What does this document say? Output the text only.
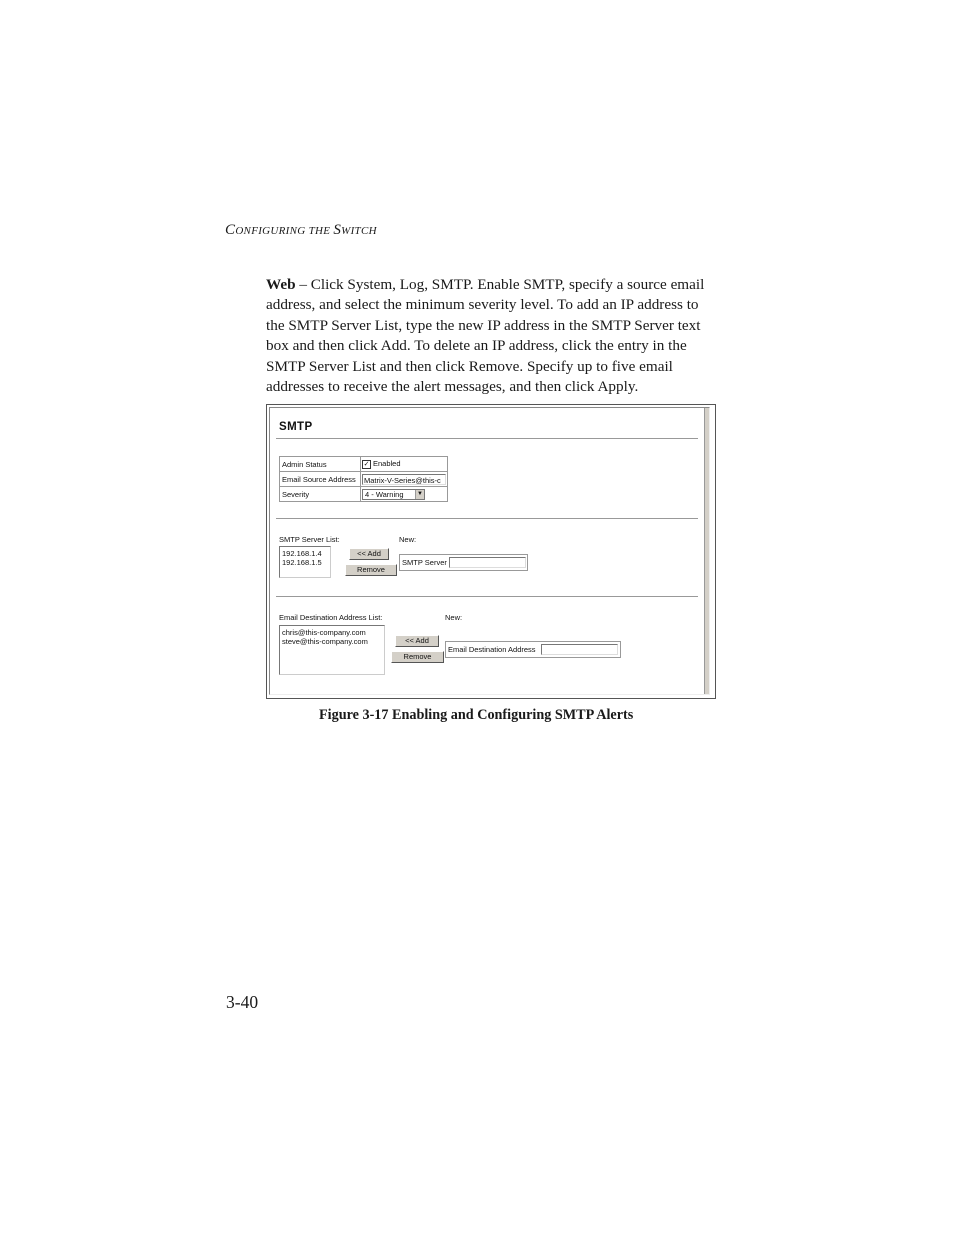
CONFIGURING THE SWITCH

Web – Click System, Log, SMTP. Enable SMTP, specify a source email address, and select the minimum severity level. To add an IP address to the SMTP Server List, type the new IP address in the SMTP Server text box and then click Add. To delete an IP address, click the entry in the SMTP Server List and then click Remove. Specify up to five email addresses to receive the alert messages, and then click Apply.

SMTP
Admin Status	✓ Enabled
Email Source Address	Matrix-V-Series@this-c
Severity	4 - Warning ▼
SMTP Server List:	New:
192.168.1.4
192.168.1.5
<< Add
Remove
SMTP Server
Email Destination Address List:	New:
chris@this-company.com
steve@this-company.com	<< Add
Remove
Email Destination Address
Figure 3-17 Enabling and Configuring SMTP Alerts
3-40
